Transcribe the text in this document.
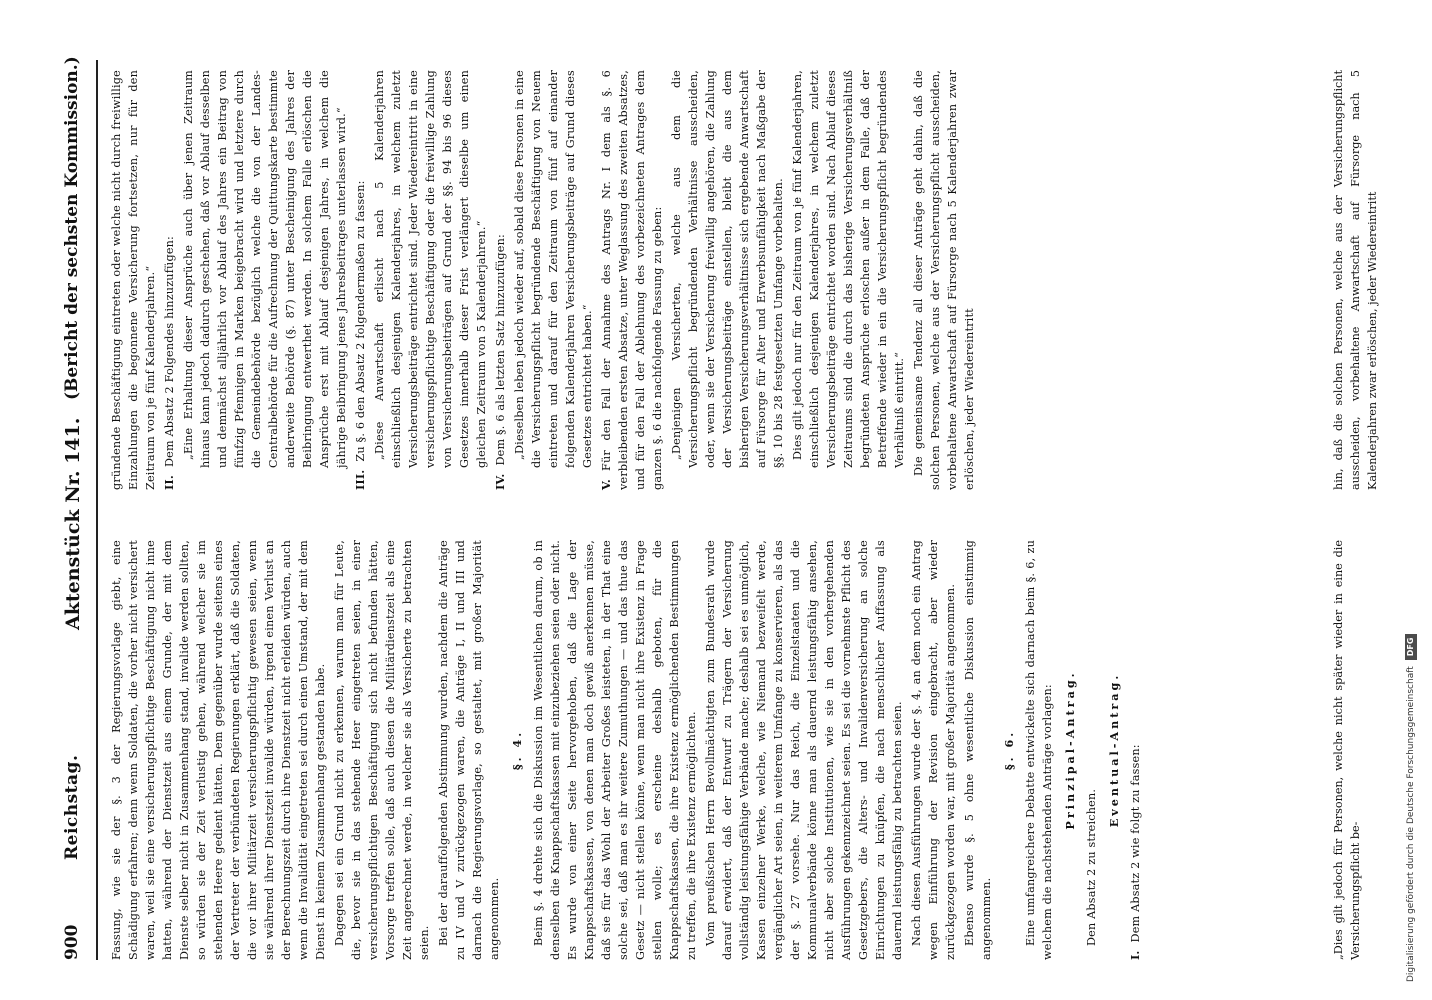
900
Reichstag.
Aktenstück Nr. 141.
(Bericht der sechsten Kommission.)

Fassung, wie sie der §. 3 der Regierungsvorlage giebt, eine Schädigung erfahren; denn wenn Soldaten, die vorher nicht versichert waren, weil sie eine versicherungspflichtige Beschäftigung nicht inne hatten, während der Dienstzeit aus einem Grunde, der mit dem Dienste selber nicht in Zusammenhang stand, invalide werden sollten, so würden sie der Zeit verlustig gehen, während welcher sie im stehenden Heere gedient hätten. Dem gegenüber wurde seitens eines der Vertreter der verbündeten Regierungen erklärt, daß die Soldaten, die vor ihrer Militärzeit versicherungspflichtig gewesen seien, wenn sie während ihrer Dienstzeit invalide würden, irgend einen Verlust an der Berechnungszeit durch ihre Dienstzeit nicht erleiden würden, auch wenn die Invalidität eingetreten sei durch einen Umstand, der mit dem Dienst in keinem Zusammenhang gestanden habe. Dagegen sei ein Grund nicht zu erkennen, warum man für Leute, die, bevor sie in das stehende Heer eingetreten seien, in einer versicherungspflichtigen Beschäftigung sich nicht befunden hätten, Vorsorge treffen solle, daß auch diesen die Militärdienstzeit als eine Zeit angerechnet werde, in welcher sie als Versicherte zu betrachten seien. Bei der darauffolgenden Abstimmung wurden, nachdem die Anträge zu IV und V zurückgezogen waren, die Anträge I, II und III und darnach die Regierungsvorlage, so gestaltet, mit großer Majorität angenommen.

§. 4. Beim §. 4 drehte sich die Diskussion im Wesentlichen darum, ob in denselben die Knappschaftskassen mit einzubeziehen seien oder nicht. Es wurde von einer Seite hervorgehoben, daß die Lage der Knappschaftskassen, von denen man doch gewiß anerkennen müsse, daß sie für das Wohl der Arbeiter Großes leisteten, in der That eine solche sei, daß man es ihr weitere Zumuthungen — und das thue das Gesetz — nicht stellen könne, wenn man nicht ihre Existenz in Frage stellen wolle; es erscheine deshalb geboten, für die Knappschaftskassen, die ihre Existenz ermöglichenden Bestimmungen zu treffen, die ihre Existenz ermöglichten. Vom preußischen Herrn Bevollmächtigten zum Bundesrath wurde darauf erwidert, daß der Entwurf zu Trägern der Versicherung vollständig leistungsfähige Verbände mache; deshalb sei es unmöglich, Kassen einzelner Werke, welche, wie Niemand bezweifelt werde, vergänglicher Art seien, in weiterem Umfange zu konservieren, als das der §. 27 vorsehe. Nur das Reich, die Einzelstaaten und die Kommunalverbände könne man als dauernd leistungsfähig ansehen, nicht aber solche Institutionen, wie sie in den vorhergehenden Ausführungen gekennzeichnet seien. Es sei die vornehmste Pflicht des Gesetzgebers, die Alters- und Invalidenversicherung an solche Einrichtungen zu knüpfen, die nach menschlicher Auffassung als dauernd leistungsfähig zu betrachten seien. Nach diesen Ausführungen wurde der §. 4, an dem noch ein Antrag wegen Einführung der Revision eingebracht, aber wieder zurückgezogen worden war, mit großer Majorität angenommen. Ebenso wurde §. 5 ohne wesentliche Diskussion einstimmig angenommen.

§. 6. Eine umfangreichere Debatte entwickelte sich darnach beim §. 6, zu welchem die nachstehenden Anträge vorlagen: Prinzipal-Antrag.

Den Absatz 2 zu streichen.

Eventual-Antrag.

I.Dem Absatz 2 wie folgt zu fassen:

gründende Beschäftigung eintreten oder welche nicht durch freiwillige Einzahlungen die begonnene Versicherung fortsetzen, nur für den Zeitraum von je fünf Kalenderjahren.“ II.Dem Absatz 2 Folgendes hinzuzufügen: „Eine Erhaltung dieser Ansprüche auch über jenen Zeitraum hinaus kann jedoch dadurch geschehen, daß vor Ablauf desselben und demnächst alljährlich vor Ablauf des Jahres ein Beitrag von fünfzig Pfennigen in Marken beigebracht wird und letztere durch die Gemeindebehörde bezüglich welche die von der Landes-Centralbehörde für die Aufrechnung der Quittungskarte bestimmte anderweite Behörde (§. 87) unter Bescheinigung des Jahres der Beibringung entwerthet werden. In solchem Falle erlöschen die Ansprüche erst mit Ablauf desjenigen Jahres, in welchem die jährige Beibringung jenes Jahresbeitrages unterlassen wird.“

III.Zu §. 6 den Absatz 2 folgendermaßen zu fassen: „Diese Anwartschaft erlischt nach 5 Kalenderjahren einschließlich desjenigen Kalenderjahres, in welchem zuletzt Versicherungsbeiträge entrichtet sind. Jeder Wiedereintritt in eine versicherungspflichtige Beschäftigung oder die freiwillige Zahlung von Versicherungsbeiträgen auf Grund der §§. 94 bis 96 dieses Gesetzes innerhalb dieser Frist verlängert dieselbe um einen gleichen Zeitraum von 5 Kalenderjahren.“

IV.Dem §. 6 als letzten Satz hinzuzufügen: „Dieselben leben jedoch wieder auf, sobald diese Personen in eine die Versicherungspflicht begründende Beschäftigung von Neuem eintreten und darauf für den Zeitraum von fünf auf einander folgenden Kalenderjahren Versicherungsbeiträge auf Grund dieses Gesetzes entrichtet haben.“

V.Für den Fall der Annahme des Antrags Nr. I dem als §. 6 verbleibenden ersten Absatze, unter Weglassung des zweiten Absatzes, und für den Fall der Ablehnung des vorbezeichneten Antrages dem ganzen §. 6 die nachfolgende Fassung zu geben: „Denjenigen Versicherten, welche aus dem die Versicherungspflicht begründenden Verhältnisse ausscheiden, oder, wenn sie der Versicherung freiwillig angehören, die Zahlung der Versicherungsbeiträge einstellen, bleibt die aus dem bisherigen Versicherungsverhältnisse sich ergebende Anwartschaft auf Fürsorge für Alter und Erwerbsunfähigkeit nach Maßgabe der §§. 10 bis 28 festgesetzten Umfange vorbehalten. Dies gilt jedoch nur für den Zeitraum von je fünf Kalenderjahren, einschließlich desjenigen Kalenderjahres, in welchem zuletzt Versicherungsbeiträge entrichtet worden sind. Nach Ablauf dieses Zeitraums sind die durch das bisherige Versicherungsverhältniß begründeten Ansprüche erloschen außer in dem Falle, daß der Betreffende wieder in ein die Versicherungspflicht begründendes Verhältniß eintritt.“ Die gemeinsame Tendenz all dieser Anträge geht dahin, daß die solchen Personen, welche aus der Versicherungspflicht ausscheiden, vorbehaltene Anwartschaft auf Fürsorge nach 5 Kalenderjahren zwar erlöschen, jeder Wiedereintritt

„Dies gilt jedoch für Personen, welche nicht später wieder in eine die Versicherungspflicht be-

hin, daß die solchen Personen, welche aus der Versicherungspflicht ausscheiden, vorbehaltene Anwartschaft auf Fürsorge nach 5 Kalenderjahren zwar erlöschen, jeder Wiedereintritt

Digitalisierung gefördert durch die Deutsche ForschungsgemeinschaftDFG
